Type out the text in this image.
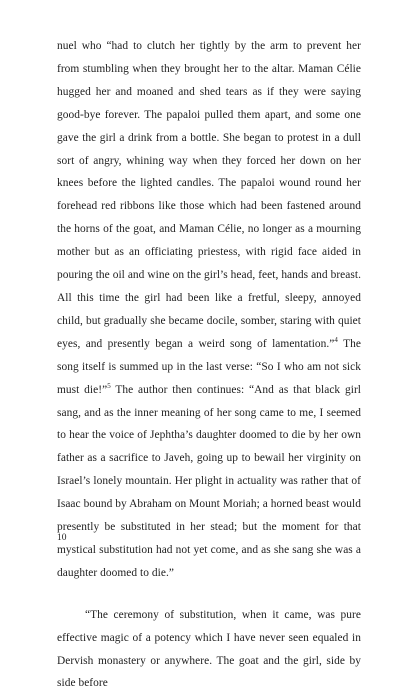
nuel who “had to clutch her tightly by the arm to prevent her from stumbling when they brought her to the altar. Maman Célie hugged her and moaned and shed tears as if they were saying good-bye forever. The papaloi pulled them apart, and some one gave the girl a drink from a bottle. She began to protest in a dull sort of angry, whining way when they forced her down on her knees before the lighted candles. The papaloi wound round her forehead red ribbons like those which had been fastened around the horns of the goat, and Maman Célie, no longer as a mourning mother but as an officiating priestess, with rigid face aided in pouring the oil and wine on the girl’s head, feet, hands and breast. All this time the girl had been like a fretful, sleepy, annoyed child, but gradually she became docile, somber, staring with quiet eyes, and presently began a weird song of lamentation.”$^4$ The song itself is summed up in the last verse: “So I who am not sick must die!”$^5$ The author then continues: “And as that black girl sang, and as the inner meaning of her song came to me, I seemed to hear the voice of Jephtha’s daughter doomed to die by her own father as a sacrifice to Javeh, going up to bewail her virginity on Israel’s lonely mountain. Her plight in actuality was rather that of Isaac bound by Abraham on Mount Moriah; a horned beast would presently be substituted in her stead; but the moment for that mystical substitution had not yet come, and as she sang she was a daughter doomed to die.”

“The ceremony of substitution, when it came, was pure effective magic of a potency which I have never seen equaled in Dervish monastery or anywhere. The goat and the girl, side by side before

10
